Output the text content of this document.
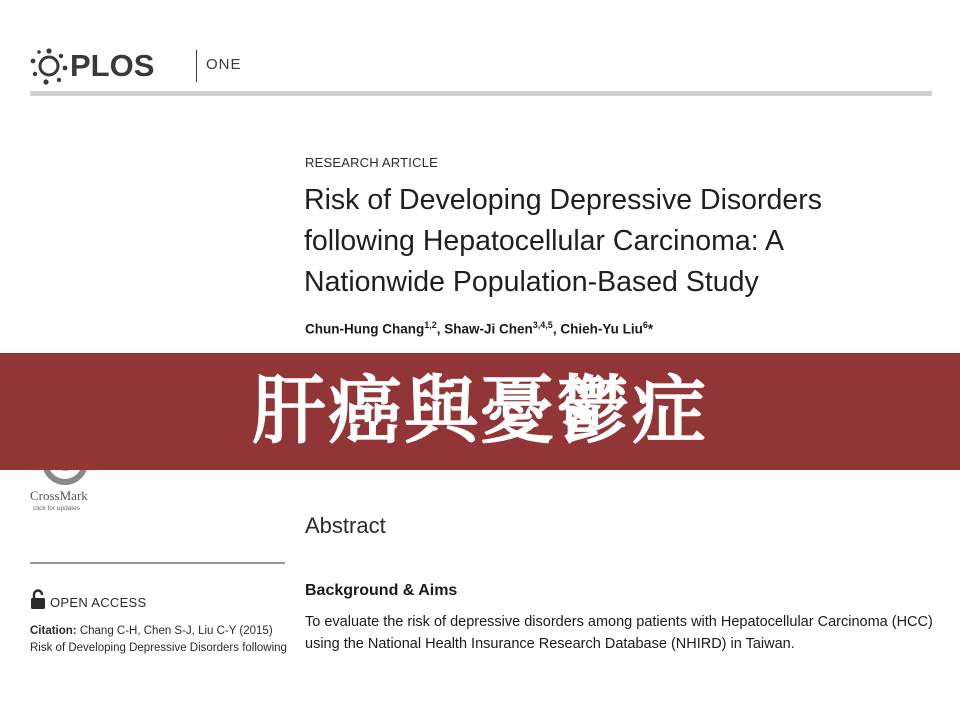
PLOS	ONE
RESEARCH ARTICLE
Risk of Developing Depressive Disorders following Hepatocellular Carcinoma: A Nationwide Population-Based Study
Chun-Hung Chang$^{1,2}$, Shaw-Ji Chen$^{3,4,5}$, Chieh-Yu Liu$^6$*
CrossMark
click for updates
肝癌與憂鬱症
Abstract
OPEN ACCESS
Citation: Chang C-H, Chen S-J, Liu C-Y (2015) Risk of Developing Depressive Disorders following
Background & Aims
To evaluate the risk of depressive disorders among patients with Hepatocellular Carcinoma (HCC) using the National Health Insurance Research Database (NHIRD) in Taiwan.
